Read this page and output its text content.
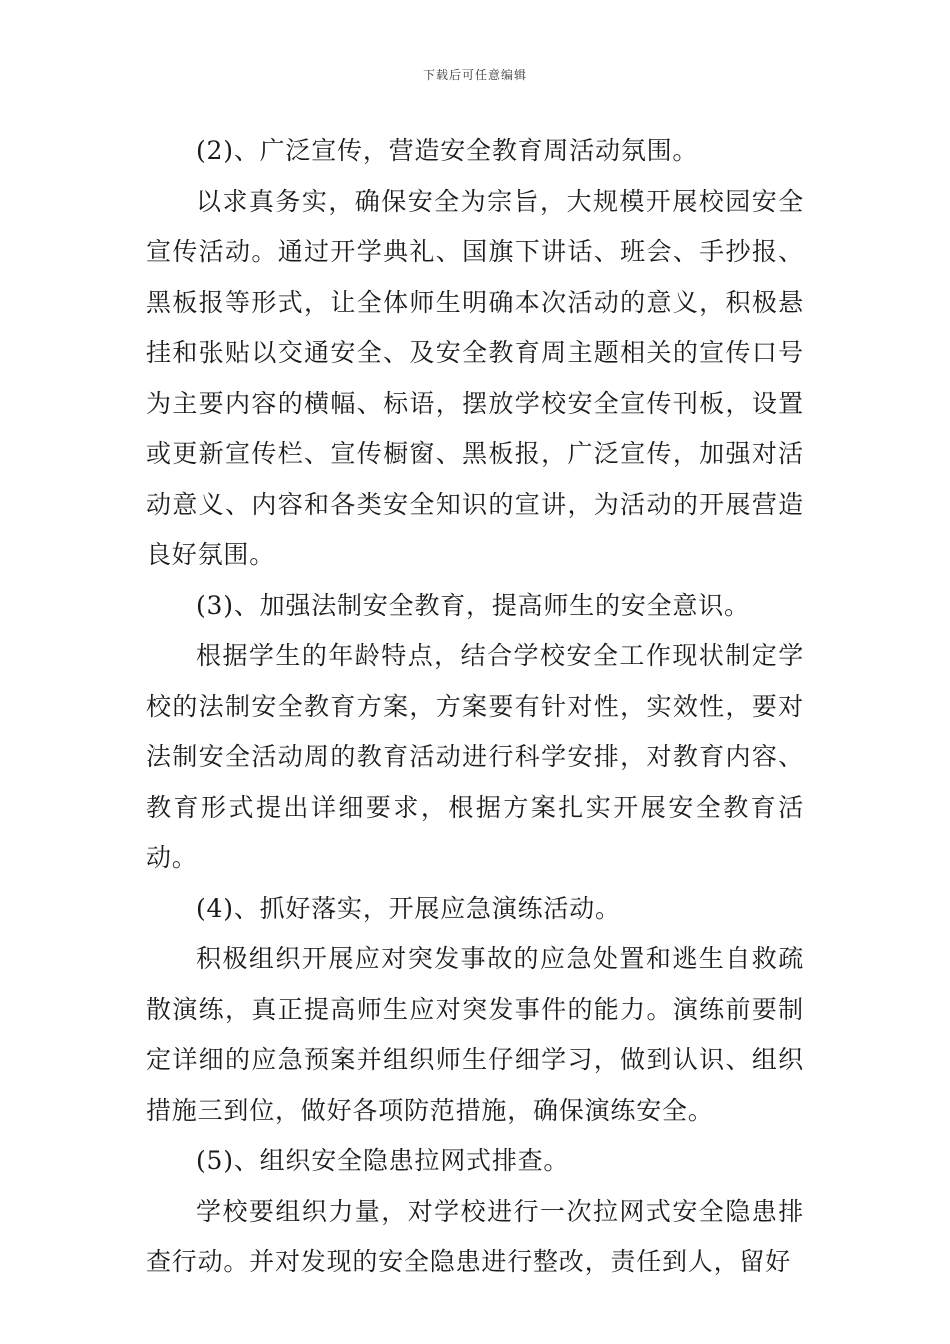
下载后可任意编辑

(2)、广泛宣传，营造安全教育周活动氛围。

以求真务实，确保安全为宗旨，大规模开展校园安全宣传活动。通过开学典礼、国旗下讲话、班会、手抄报、黑板报等形式，让全体师生明确本次活动的意义，积极悬挂和张贴以交通安全、及安全教育周主题相关的宣传口号为主要内容的横幅、标语，摆放学校安全宣传刊板，设置或更新宣传栏、宣传橱窗、黑板报，广泛宣传，加强对活动意义、内容和各类安全知识的宣讲，为活动的开展营造良好氛围。

(3)、加强法制安全教育，提高师生的安全意识。

根据学生的年龄特点，结合学校安全工作现状制定学校的法制安全教育方案，方案要有针对性，实效性，要对法制安全活动周的教育活动进行科学安排，对教育内容、教育形式提出详细要求，根据方案扎实开展安全教育活动。

(4)、抓好落实，开展应急演练活动。

积极组织开展应对突发事故的应急处置和逃生自救疏散演练，真正提高师生应对突发事件的能力。演练前要制定详细的应急预案并组织师生仔细学习，做到认识、组织措施三到位，做好各项防范措施，确保演练安全。

(5)、组织安全隐患拉网式排查。

学校要组织力量，对学校进行一次拉网式安全隐患排查行动。并对发现的安全隐患进行整改，责任到人，留好
